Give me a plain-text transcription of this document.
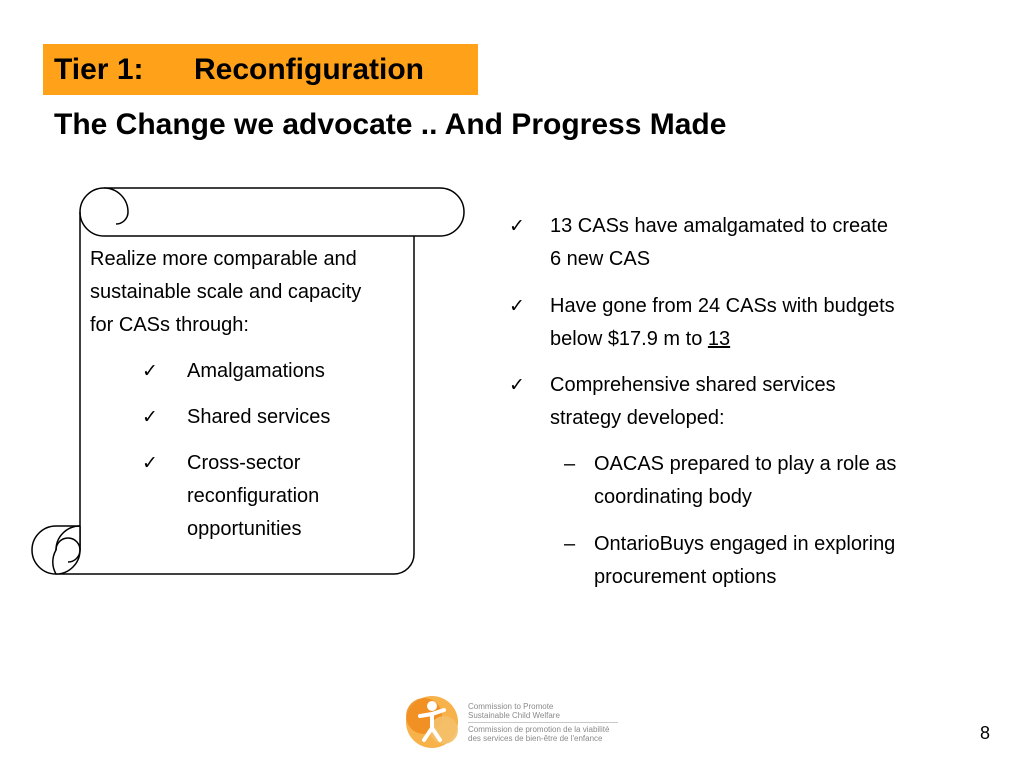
Tier 1: Reconfiguration
The Change we advocate .. And Progress Made
Realize more comparable and
sustainable scale and capacity
for CASs through:
✓ Amalgamations
✓ Shared services
✓ Cross-sector
reconfiguration
opportunities
✓ 13 CASs have amalgamated to create
6 new CAS
✓ Have gone from 24 CASs with budgets
below $17.9 m to 13
✓ Comprehensive shared services
strategy developed:
– OACAS prepared to play a role as
coordinating body
– OntarioBuys engaged in exploring
procurement options
Commission to Promote
Sustainable Child Welfare
Commission de promotion de la viabilité
des services de bien-être de l'enfance	8
